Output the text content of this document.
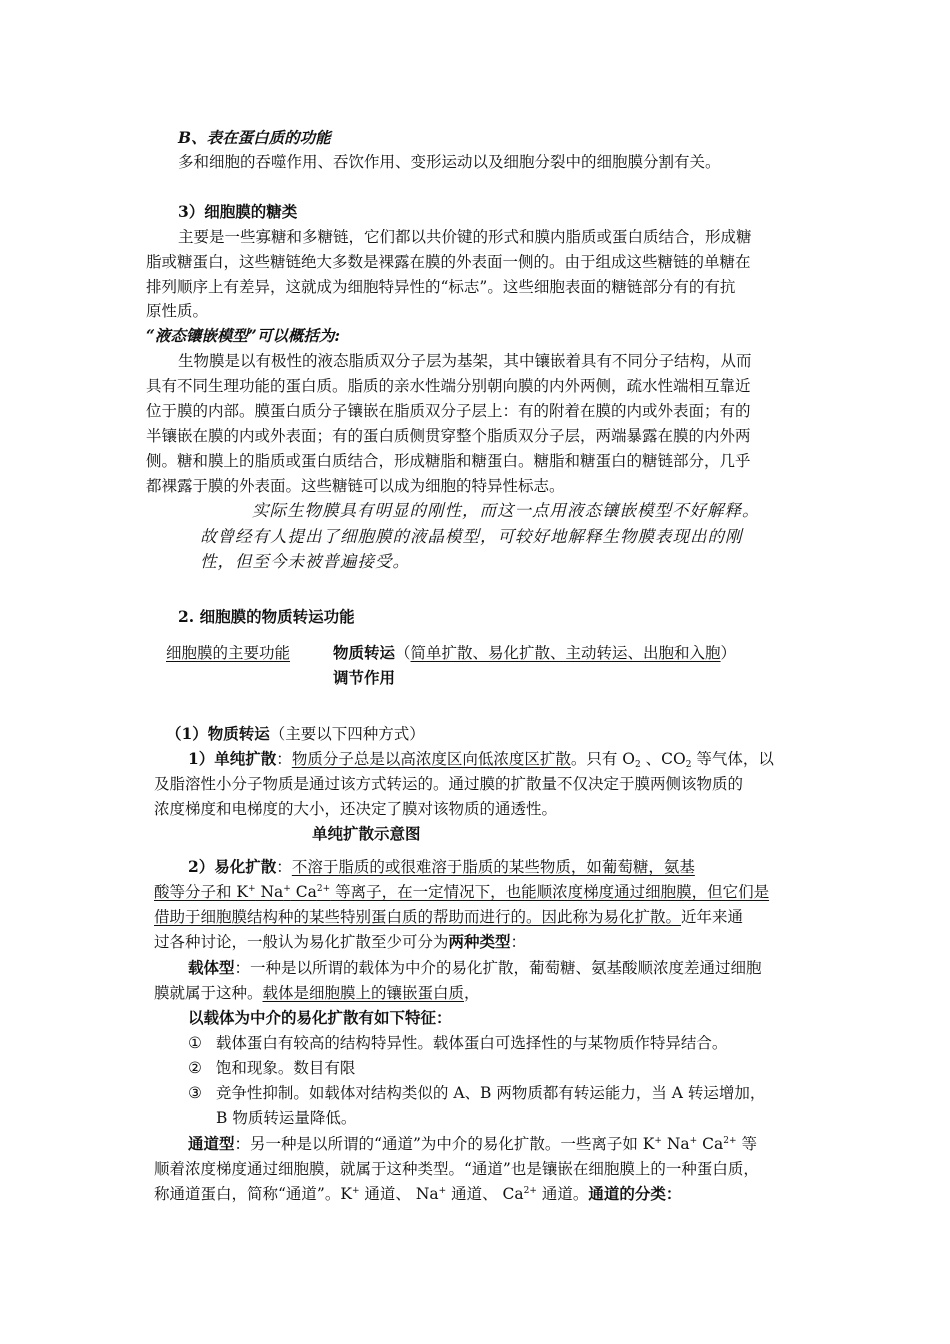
B、表在蛋白质的功能
多和细胞的吞噬作用、吞饮作用、变形运动以及细胞分裂中的细胞膜分割有关。
3）细胞膜的糖类
主要是一些寡糖和多糖链，它们都以共价键的形式和膜内脂质或蛋白质结合，形成糖
脂或糖蛋白，这些糖链绝大多数是裸露在膜的外表面一侧的。由于组成这些糖链的单糖在
排列顺序上有差异，这就成为细胞特异性的“标志”。这些细胞表面的糖链部分有的有抗
原性质。
“液态镶嵌模型”可以概括为:
生物膜是以有极性的液态脂质双分子层为基架，其中镶嵌着具有不同分子结构，从而
具有不同生理功能的蛋白质。脂质的亲水性端分别朝向膜的内外两侧，疏水性端相互靠近
位于膜的内部。膜蛋白质分子镶嵌在脂质双分子层上：有的附着在膜的内或外表面；有的
半镶嵌在膜的内或外表面；有的蛋白质侧贯穿整个脂质双分子层，两端暴露在膜的内外两
侧。糖和膜上的脂质或蛋白质结合，形成糖脂和糖蛋白。糖脂和糖蛋白的糖链部分，几乎
都裸露于膜的外表面。这些糖链可以成为细胞的特异性标志。
实际生物膜具有明显的刚性，而这一点用液态镶嵌模型不好解释。
故曾经有人提出了细胞膜的液晶模型，可较好地解释生物膜表现出的刚
性，但至今未被普遍接受。
2. 细胞膜的物质转运功能
细胞膜的主要功能	物质转运（简单扩散、易化扩散、主动转运、出胞和入胞）
调节作用
（1）物质转运（主要以下四种方式）
1）单纯扩散：物质分子总是以高浓度区向低浓度区扩散。只有 $O_2$ 、$CO_2$ 等气体，以
及脂溶性小分子物质是通过该方式转运的。通过膜的扩散量不仅决定于膜两侧该物质的
浓度梯度和电梯度的大小，还决定了膜对该物质的通透性。
单纯扩散示意图
2）易化扩散：不溶于脂质的或很难溶于脂质的某些物质，如葡萄糖，氨基
酸等分子和 K+ Na+ $Ca^{2+}$ 等离子，在一定情况下，也能顺浓度梯度通过细胞膜，但它们是
借助于细胞膜结构种的某些特别蛋白质的帮助而进行的。因此称为易化扩散。近年来通
过各种讨论，一般认为易化扩散至少可分为两种类型：
载体型：一种是以所谓的载体为中介的易化扩散，葡萄糖、氨基酸顺浓度差通过细胞
膜就属于这种。载体是细胞膜上的镶嵌蛋白质，
以载体为中介的易化扩散有如下特征：
① 载体蛋白有较高的结构特异性。载体蛋白可选择性的与某物质作特异结合。
② 饱和现象。数目有限
③ 竞争性抑制。如载体对结构类似的 A、B 两物质都有转运能力，当 A 转运增加，
B 物质转运量降低。
通道型：另一种是以所谓的“通道”为中介的易化扩散。一些离子如 K+ Na+ $Ca^{2+}$ 等
顺着浓度梯度通过细胞膜，就属于这种类型。“通道”也是镶嵌在细胞膜上的一种蛋白质，
称通道蛋白，简称“通道”。K+ 通道、 Na+ 通道、 $Ca^{2+}$ 通道。通道的分类：
